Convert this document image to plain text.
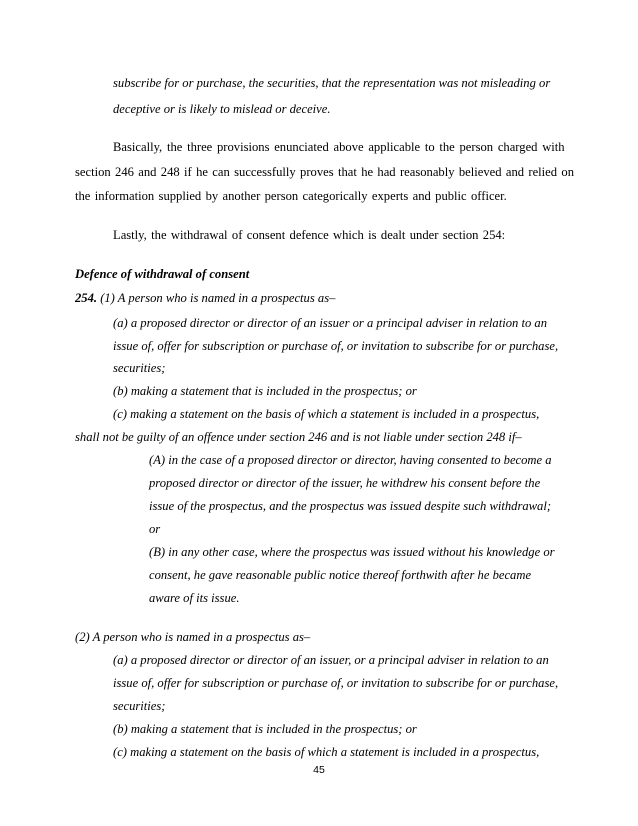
subscribe for or purchase, the securities, that the representation was not misleading or
deceptive or is likely to mislead or deceive.
Basically, the three provisions enunciated above applicable to the person charged with
section 246 and 248 if he can successfully proves that he had reasonably believed and relied on
the information supplied by another person categorically experts and public officer.
Lastly, the withdrawal of consent defence which is dealt under section 254:
Defence of withdrawal of consent
254. (1) A person who is named in a prospectus as–
(a) a proposed director or director of an issuer or a principal adviser in relation to an
issue of, offer for subscription or purchase of, or invitation to subscribe for or purchase,
securities;
(b) making a statement that is included in the prospectus; or
(c) making a statement on the basis of which a statement is included in a prospectus,
shall not be guilty of an offence under section 246 and is not liable under section 248 if–
(A) in the case of a proposed director or director, having consented to become a
proposed director or director of the issuer, he withdrew his consent before the
issue of the prospectus, and the prospectus was issued despite such withdrawal;
or
(B) in any other case, where the prospectus was issued without his knowledge or
consent, he gave reasonable public notice thereof forthwith after he became
aware of its issue.
(2) A person who is named in a prospectus as–
(a) a proposed director or director of an issuer, or a principal adviser in relation to an
issue of, offer for subscription or purchase of, or invitation to subscribe for or purchase,
securities;
(b) making a statement that is included in the prospectus; or
(c) making a statement on the basis of which a statement is included in a prospectus,
45
